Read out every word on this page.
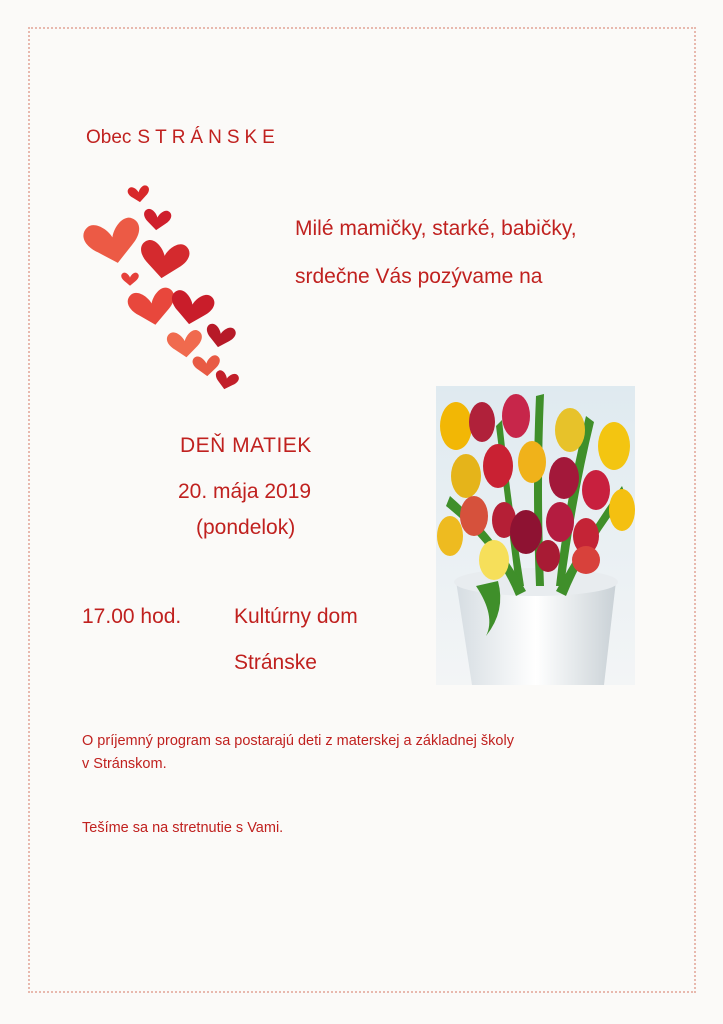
Obec STRÁNSKE
Milé mamičky, starké, babičky,
srdečne Vás pozývame na
DEŇ MATIEK
20. mája 2019
(pondelok)
17.00 hod.	Kultúrny dom
Stránske
O príjemný program sa postarajú deti z materskej a základnej školy
v Stránskom.
Tešíme sa na stretnutie s Vami.
